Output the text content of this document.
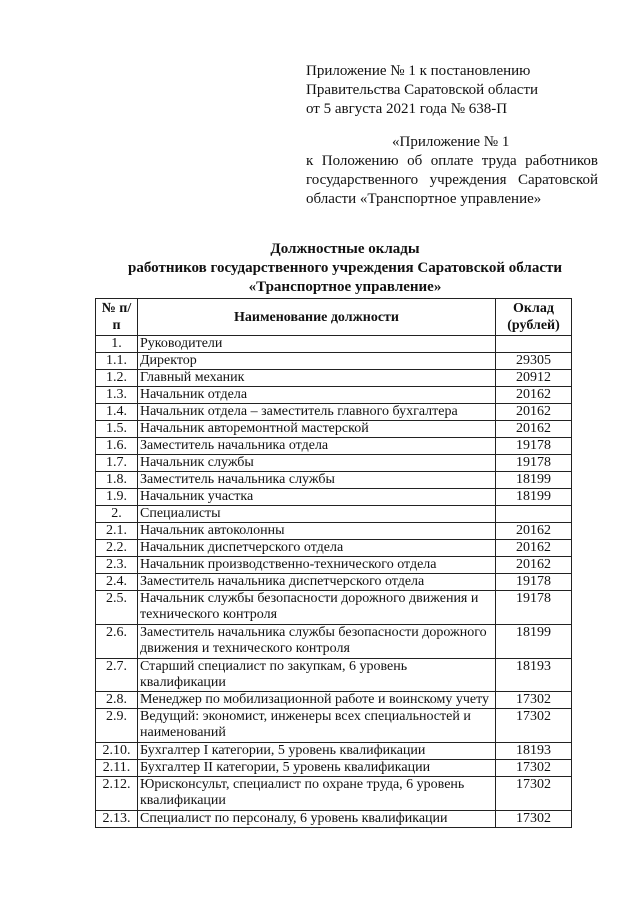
Приложение № 1 к постановлению
Правительства Саратовской области
от 5 августа 2021 года № 638-П
«Приложение № 1
к Положению об оплате труда работников
государственного учреждения Саратовской
области «Транспортное управление»
Должностные оклады
работников государственного учреждения Саратовской области
«Транспортное управление»
№ п/п	Наименование должности	Оклад (рублей)
1.	Руководители	
1.1.	Директор	29305
1.2.	Главный механик	20912
1.3.	Начальник отдела	20162
1.4.	Начальник отдела – заместитель главного бухгалтера	20162
1.5.	Начальник авторемонтной мастерской	20162
1.6.	Заместитель начальника отдела	19178
1.7.	Начальник службы	19178
1.8.	Заместитель начальника службы	18199
1.9.	Начальник участка	18199
2.	Специалисты	
2.1.	Начальник автоколонны	20162
2.2.	Начальник диспетчерского отдела	20162
2.3.	Начальник производственно-технического отдела	20162
2.4.	Заместитель начальника диспетчерского отдела	19178
2.5.	Начальник службы безопасности дорожного движения и технического контроля	19178
2.6.	Заместитель начальника службы безопасности дорожного движения и технического контроля	18199
2.7.	Старший специалист по закупкам, 6 уровень квалификации	18193
2.8.	Менеджер по мобилизационной работе и воинскому учету	17302
2.9.	Ведущий: экономист, инженеры всех специальностей и наименований	17302
2.10.	Бухгалтер I категории, 5 уровень квалификации	18193
2.11.	Бухгалтер II категории, 5 уровень квалификации	17302
2.12.	Юрисконсульт, специалист по охране труда, 6 уровень квалификации	17302
2.13.	Специалист по персоналу, 6 уровень квалификации	17302
